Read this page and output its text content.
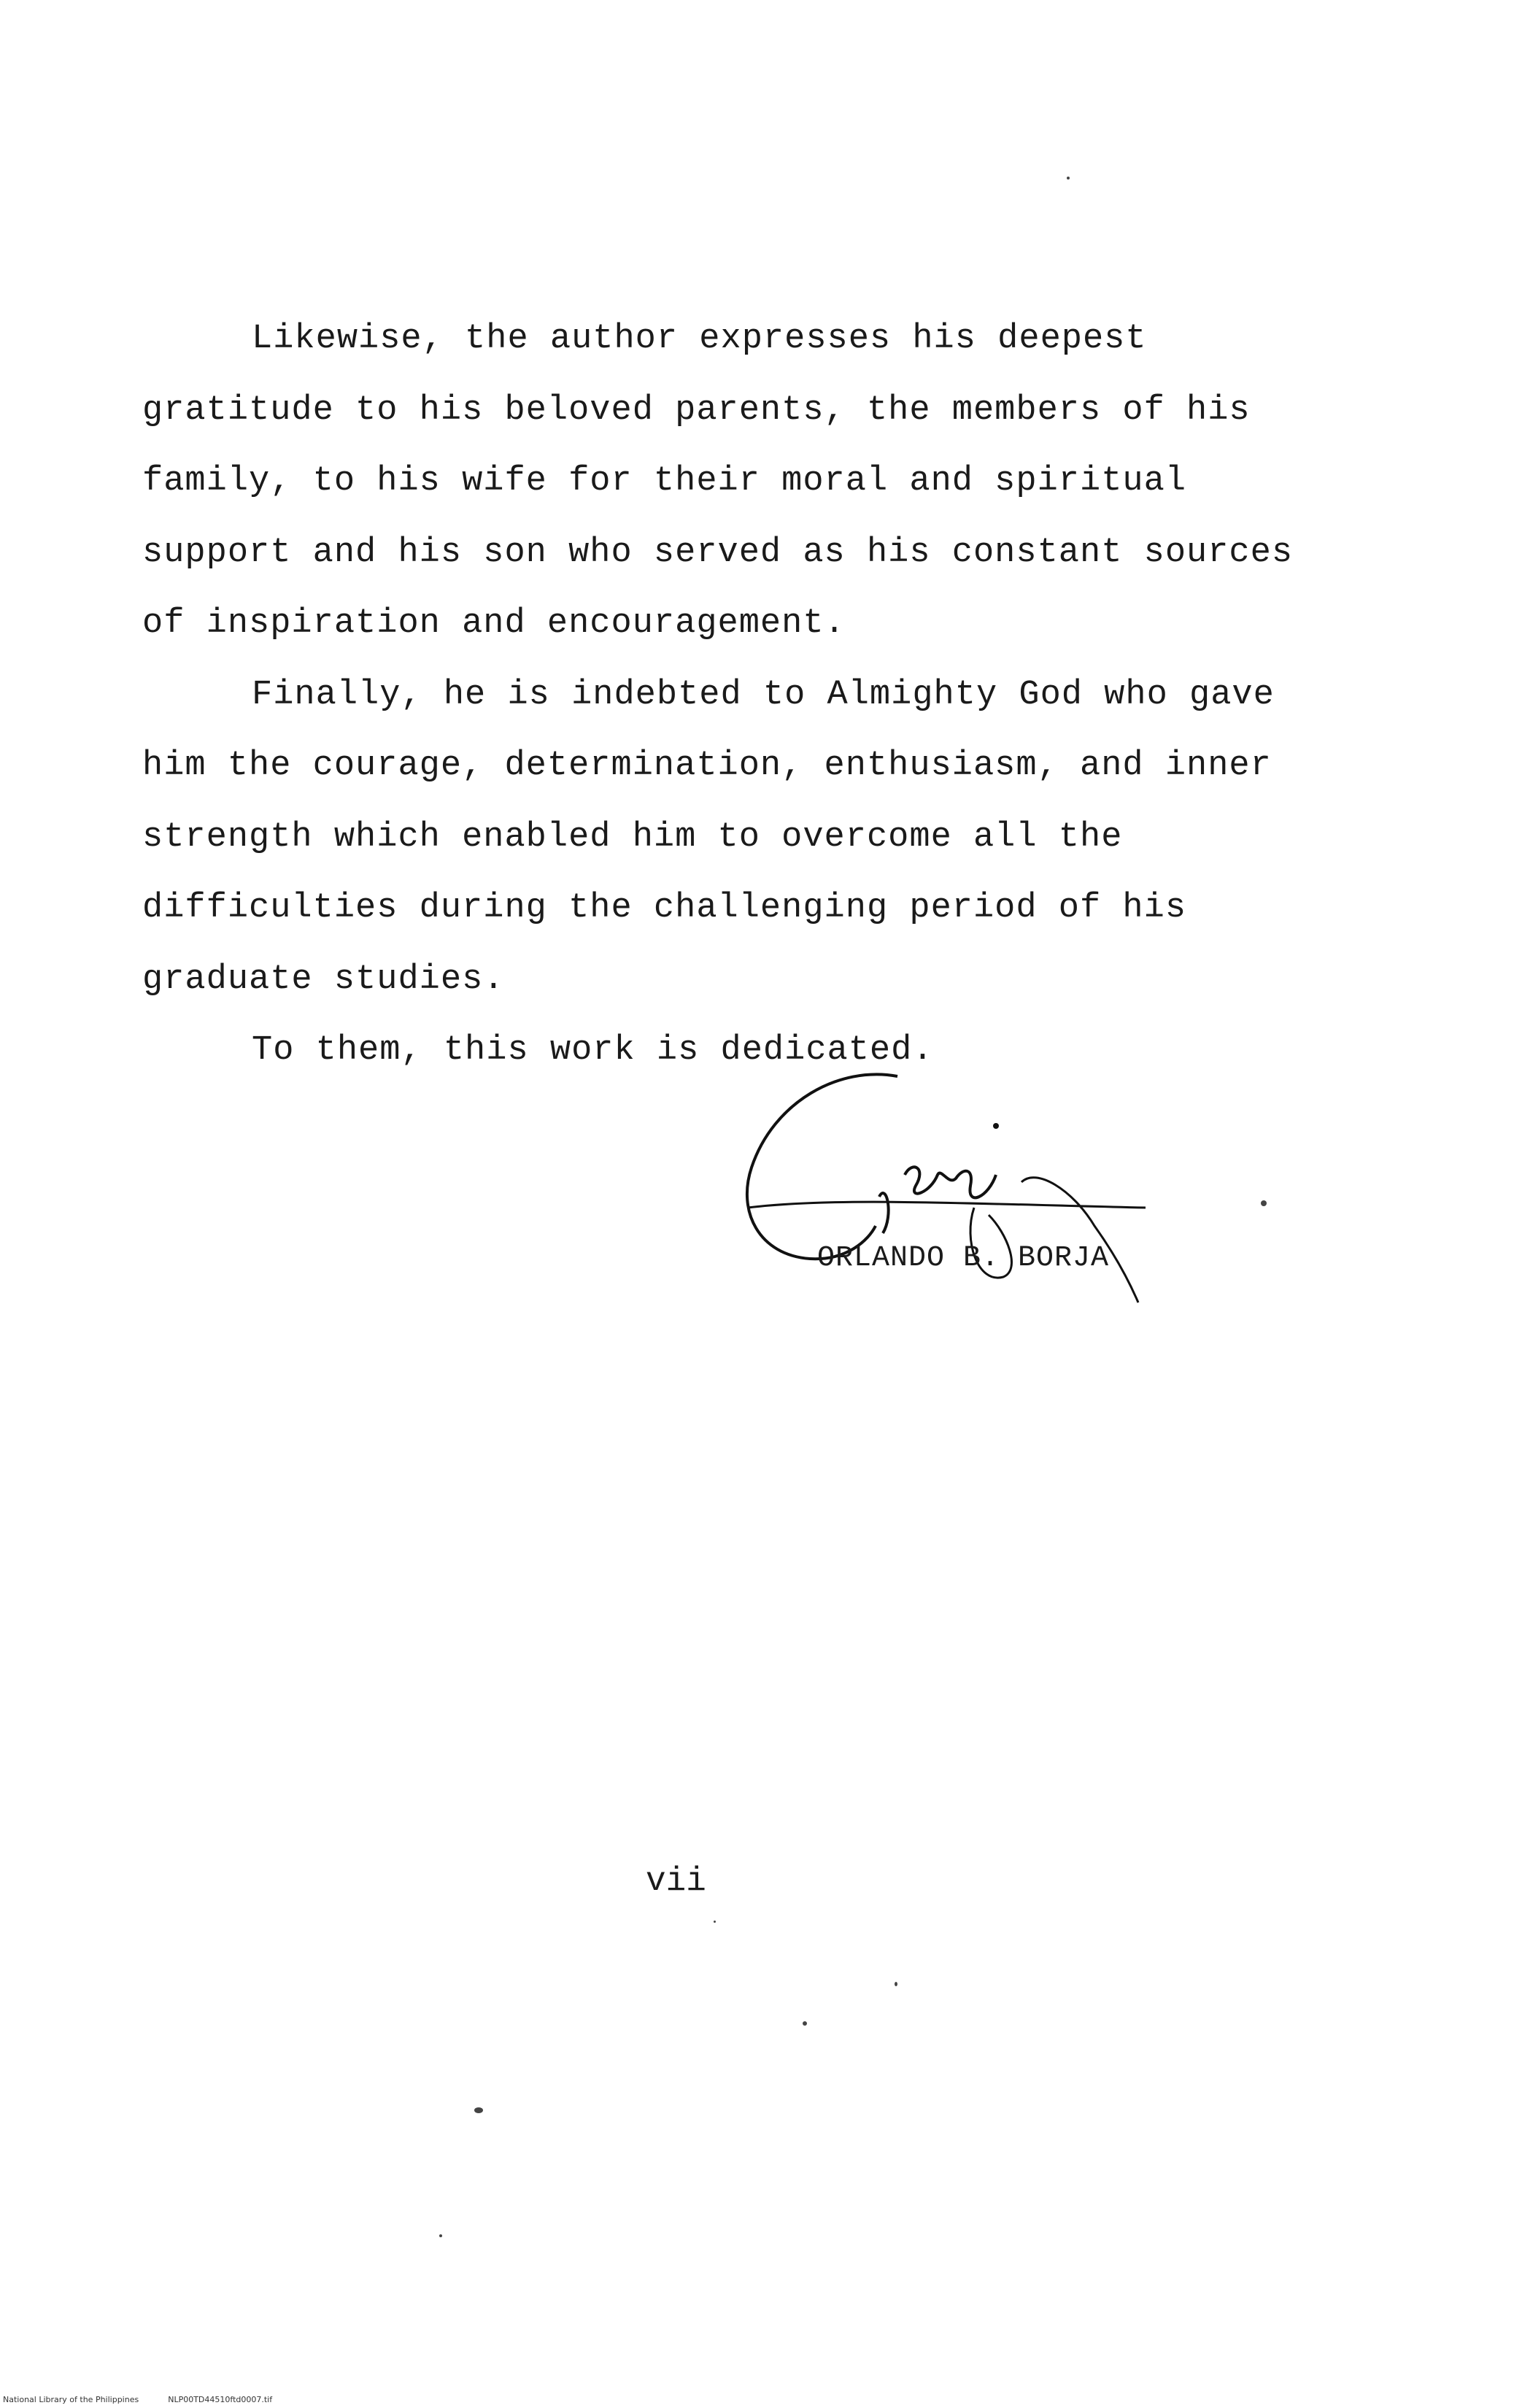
Likewise, the author expresses his deepest

gratitude to his beloved parents, the members of his

family, to his wife for their moral and spiritual

support and his son who served as his constant sources

of inspiration and encouragement.

Finally, he is indebted to Almighty God who gave

him the courage, determination, enthusiasm, and inner

strength which enabled him to overcome all the

difficulties during the challenging period of his

graduate studies.

To them, this work is dedicated.

ORLANDO B. BORJA
vii
National Library of the Philippines	NLP00TD44510ftd0007.tif
